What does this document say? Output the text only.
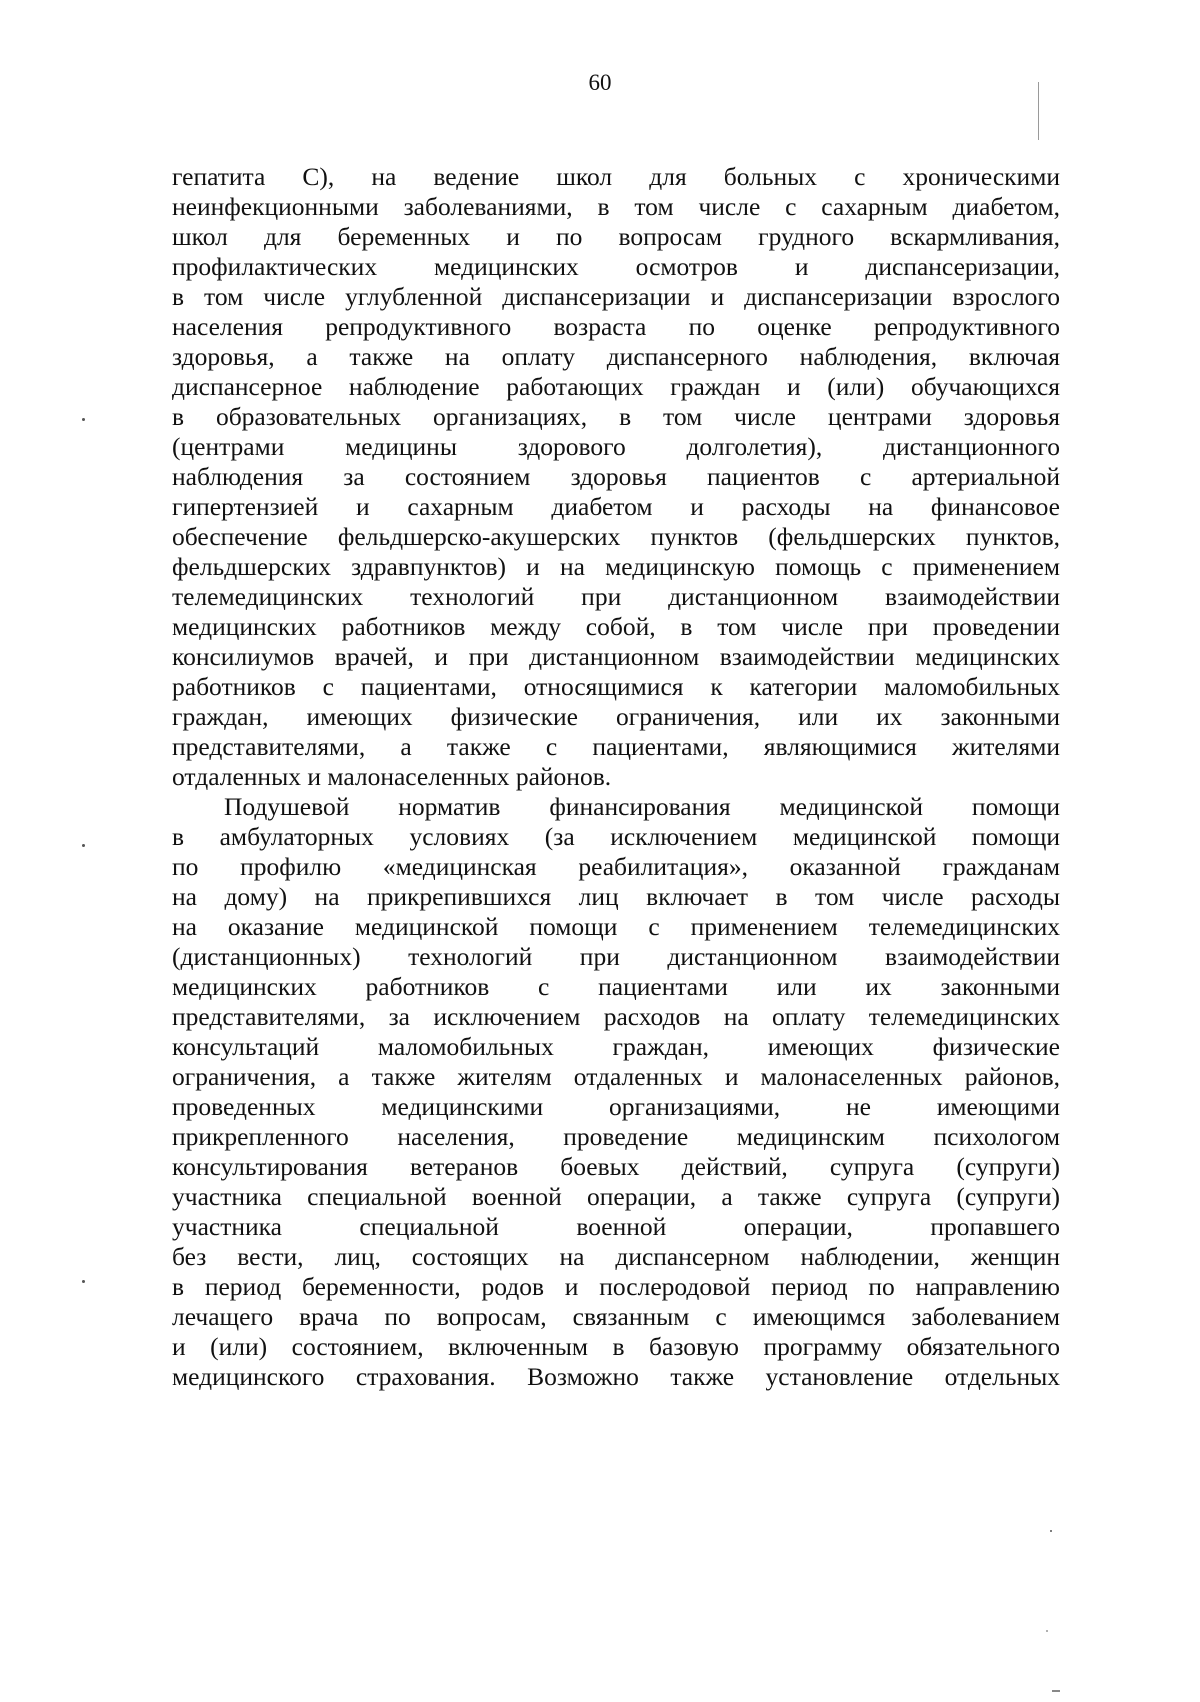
60
гепатита С), на ведение школ для больных с хроническими
неинфекционными заболеваниями, в том числе с сахарным диабетом,
школ для беременных и по вопросам грудного вскармливания,
профилактических медицинских осмотров и диспансеризации,
в том числе углубленной диспансеризации и диспансеризации взрослого
населения репродуктивного возраста по оценке репродуктивного
здоровья, а также на оплату диспансерного наблюдения, включая
диспансерное наблюдение работающих граждан и (или) обучающихся
в образовательных организациях, в том числе центрами здоровья
(центрами медицины здорового долголетия), дистанционного
наблюдения за состоянием здоровья пациентов с артериальной
гипертензией и сахарным диабетом и расходы на финансовое
обеспечение фельдшерско-акушерских пунктов (фельдшерских пунктов,
фельдшерских здравпунктов) и на медицинскую помощь с применением
телемедицинских технологий при дистанционном взаимодействии
медицинских работников между собой, в том числе при проведении
консилиумов врачей, и при дистанционном взаимодействии медицинских
работников с пациентами, относящимися к категории маломобильных
граждан, имеющих физические ограничения, или их законными
представителями, а также с пациентами, являющимися жителями
отдаленных и малонаселенных районов.
Подушевой норматив финансирования медицинской помощи
в амбулаторных условиях (за исключением медицинской помощи
по профилю «медицинская реабилитация», оказанной гражданам
на дому) на прикрепившихся лиц включает в том числе расходы
на оказание медицинской помощи с применением телемедицинских
(дистанционных) технологий при дистанционном взаимодействии
медицинских работников с пациентами или их законными
представителями, за исключением расходов на оплату телемедицинских
консультаций маломобильных граждан, имеющих физические
ограничения, а также жителям отдаленных и малонаселенных районов,
проведенных медицинскими организациями, не имеющими
прикрепленного населения, проведение медицинским психологом
консультирования ветеранов боевых действий, супруга (супруги)
участника специальной военной операции, а также супруга (супруги)
участника специальной военной операции, пропавшего
без вести, лиц, состоящих на диспансерном наблюдении, женщин
в период беременности, родов и послеродовой период по направлению
лечащего врача по вопросам, связанным с имеющимся заболеванием
и (или) состоянием, включенным в базовую программу обязательного
медицинского страхования. Возможно также установление отдельных
